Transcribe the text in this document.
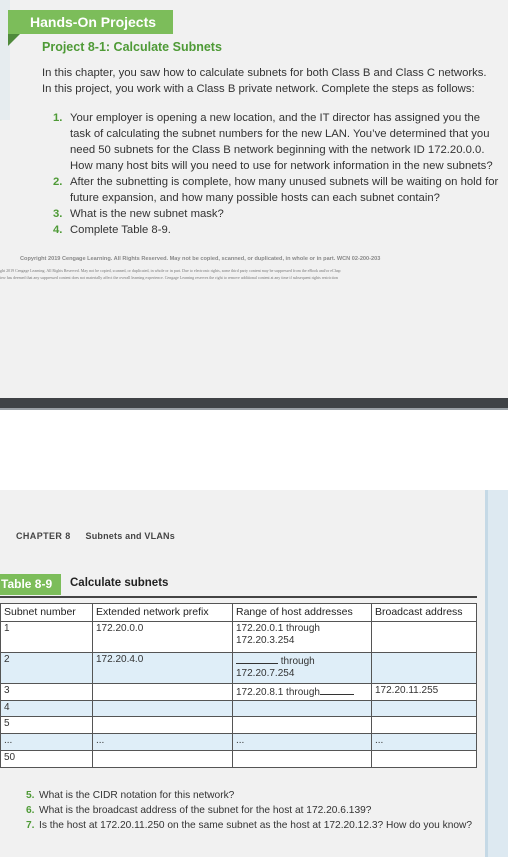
Hands-On Projects
Project 8-1: Calculate Subnets
In this chapter, you saw how to calculate subnets for both Class B and Class C networks. In this project, you work with a Class B private network. Complete the steps as follows:
1. Your employer is opening a new location, and the IT director has assigned you the task of calculating the subnet numbers for the new LAN. You’ve determined that you need 50 subnets for the Class B network beginning with the network ID 172.20.0.0. How many host bits will you need to use for network information in the new subnets?
2. After the subnetting is complete, how many unused subnets will be waiting on hold for future expansion, and how many possible hosts can each subnet contain?
3. What is the new subnet mask?
4. Complete Table 8-9.
Copyright 2019 Cengage Learning. All Rights Reserved. May not be copied, scanned, or duplicated, in whole or in part. WCN 02-200-203
ght 2019 Cengage Learning. All Rights Reserved. May not be copied, scanned, or duplicated, in whole or in part. Due to electronic rights, some third party content may be suppressed from the eBook and/or eChap
iew has deemed that any suppressed content does not materially affect the overall learning experience. Cengage Learning reserves the right to remove additional content at any time if subsequent rights restriction
CHAPTER 8 Subnets and VLANs
Table 8-9	Calculate subnets
Subnet number	Extended network prefix	Range of host addresses	Broadcast address
1	172.20.0.0	172.20.0.1 through
172.20.3.254	

2	172.20.4.0	through
172.20.7.254	

3		172.20.8.1 through	172.20.11.255
4			
5			
...	...	...	...
50			
5. What is the CIDR notation for this network?
6. What is the broadcast address of the subnet for the host at 172.20.6.139?
7. Is the host at 172.20.11.250 on the same subnet as the host at 172.20.12.3? How do you know?
